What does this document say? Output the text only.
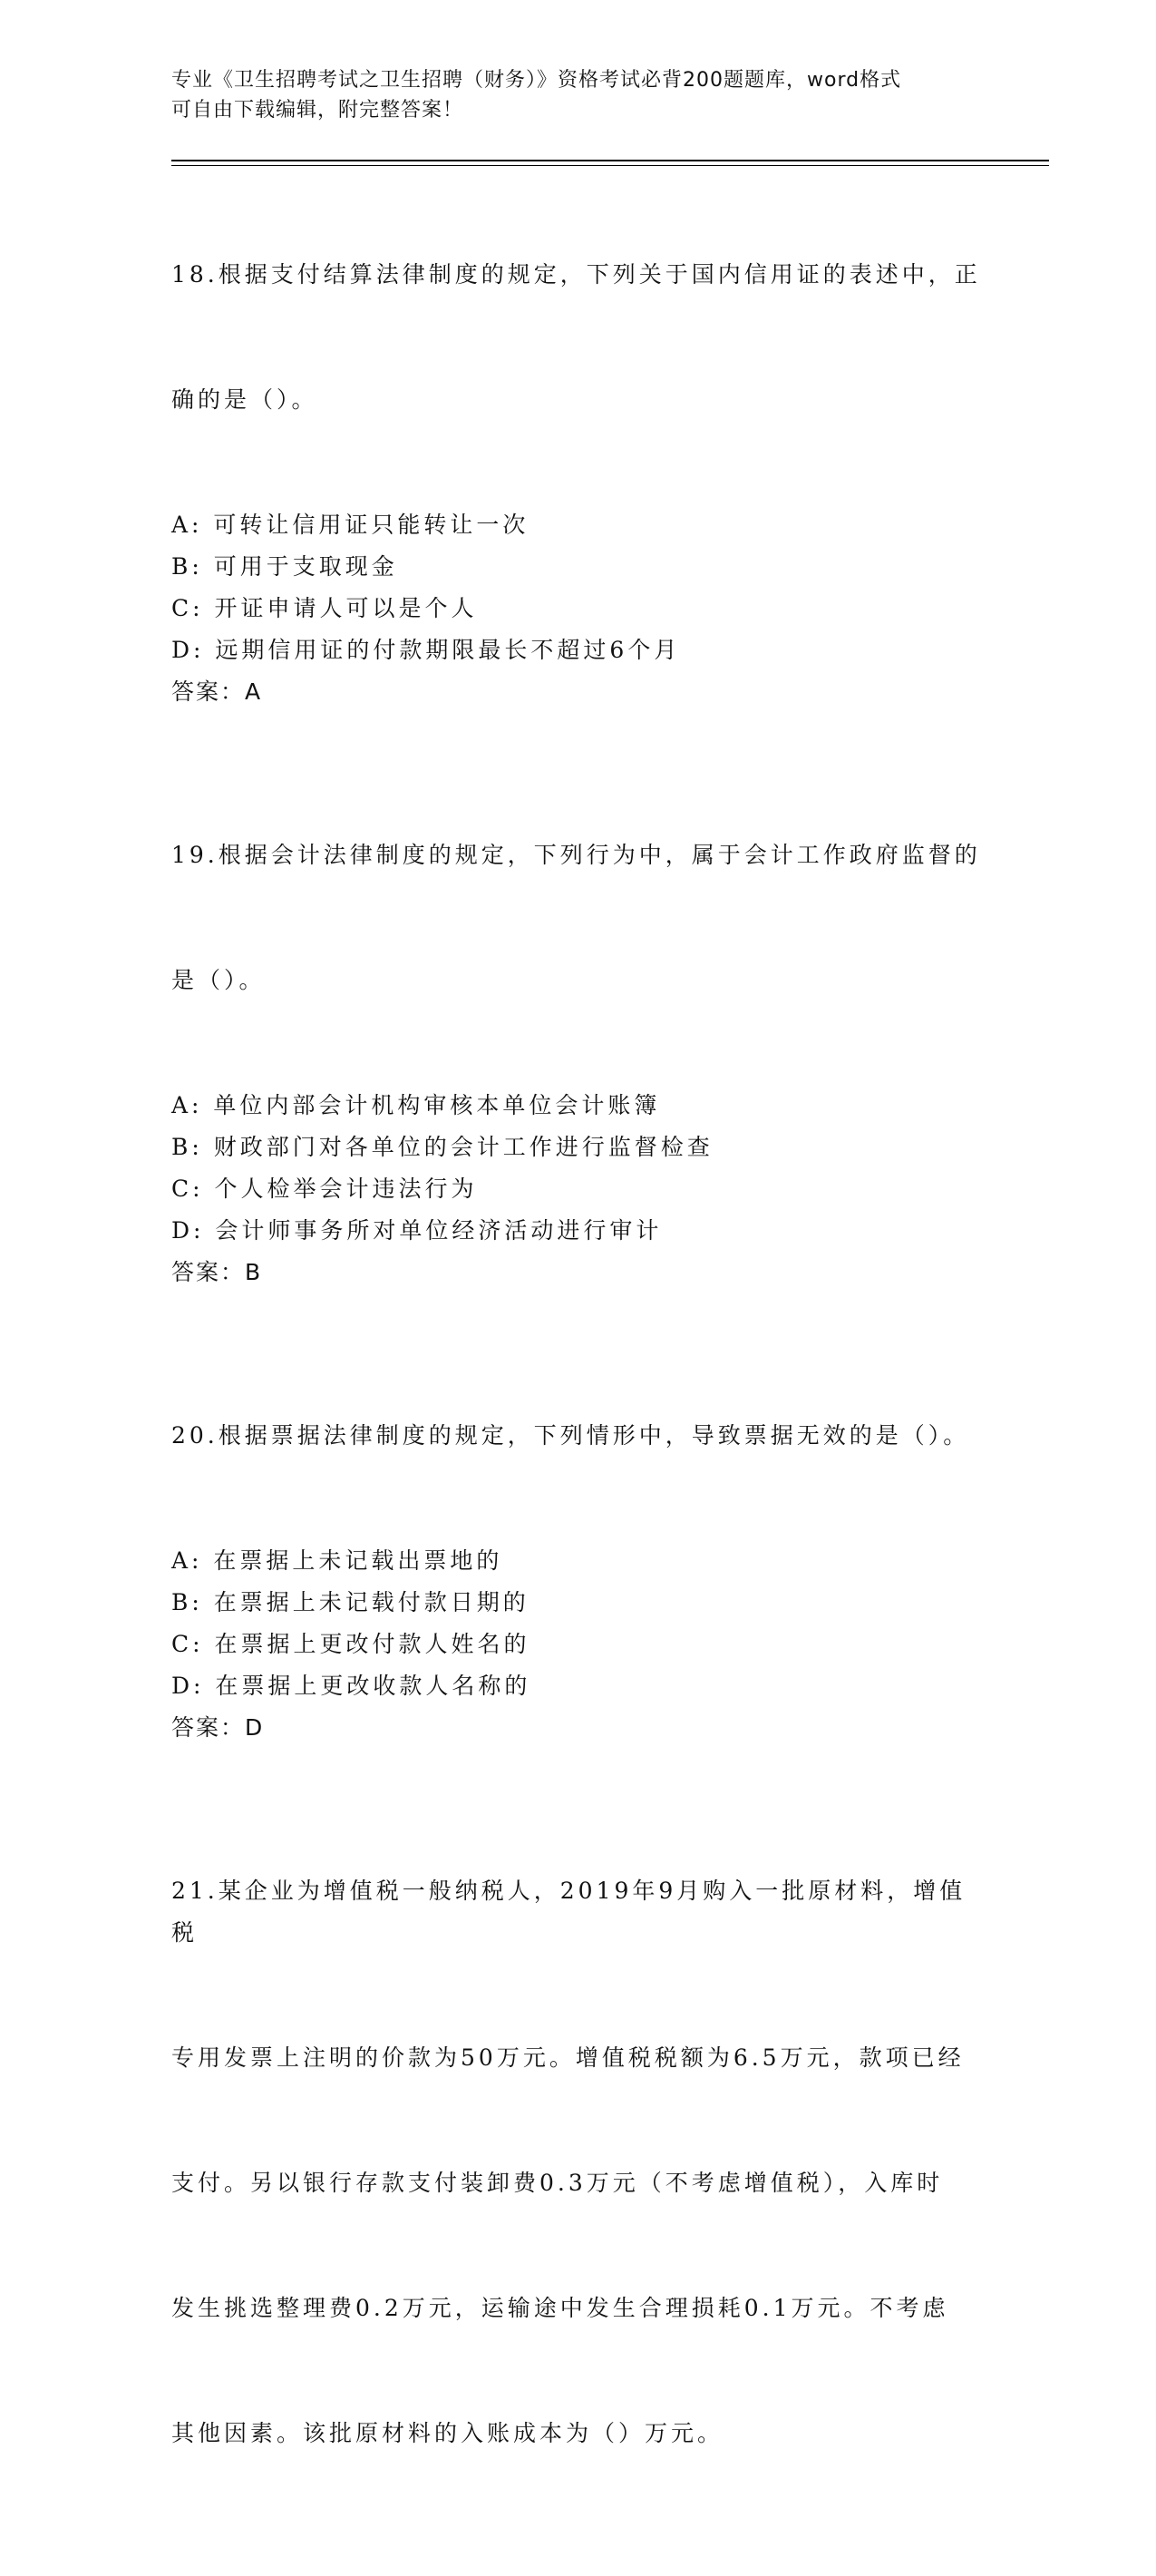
专业《卫生招聘考试之卫生招聘（财务）》资格考试必背200题题库，word格式
可自由下载编辑，附完整答案！

18.根据支付结算法律制度的规定，下列关于国内信用证的表述中，正

确的是（）。

A: 可转让信用证只能转让一次
B: 可用于支取现金
C: 开证申请人可以是个人
D: 远期信用证的付款期限最长不超过6个月
答案：A

19.根据会计法律制度的规定，下列行为中，属于会计工作政府监督的

是（）。

A: 单位内部会计机构审核本单位会计账簿
B: 财政部门对各单位的会计工作进行监督检查
C: 个人检举会计违法行为
D: 会计师事务所对单位经济活动进行审计
答案：B

20.根据票据法律制度的规定，下列情形中，导致票据无效的是（）。

A: 在票据上未记载出票地的
B: 在票据上未记载付款日期的
C: 在票据上更改付款人姓名的
D: 在票据上更改收款人名称的
答案：D

21.某企业为增值税一般纳税人，2019年9月购入一批原材料，增值税

专用发票上注明的价款为50万元。增值税税额为6.5万元，款项已经

支付。另以银行存款支付装卸费0.3万元（不考虑增值税），入库时

发生挑选整理费0.2万元，运输途中发生合理损耗0.1万元。不考虑

其他因素。该批原材料的入账成本为（）万元。
